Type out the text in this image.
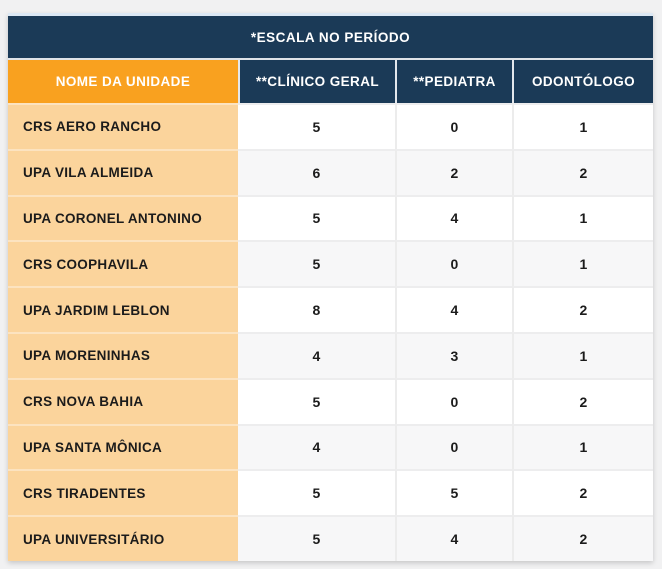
*ESCALA NO PERÍODO
NOME DA UNIDADE	**CLÍNICO GERAL	**PEDIATRA	ODONTÓLOGO
CRS AERO RANCHO	5	0	1
UPA VILA ALMEIDA	6	2	2
UPA CORONEL ANTONINO	5	4	1
CRS COOPHAVILA	5	0	1
UPA JARDIM LEBLON	8	4	2
UPA MORENINHAS	4	3	1
CRS NOVA BAHIA	5	0	2
UPA SANTA MÔNICA	4	0	1
CRS TIRADENTES	5	5	2
UPA UNIVERSITÁRIO	5	4	2
